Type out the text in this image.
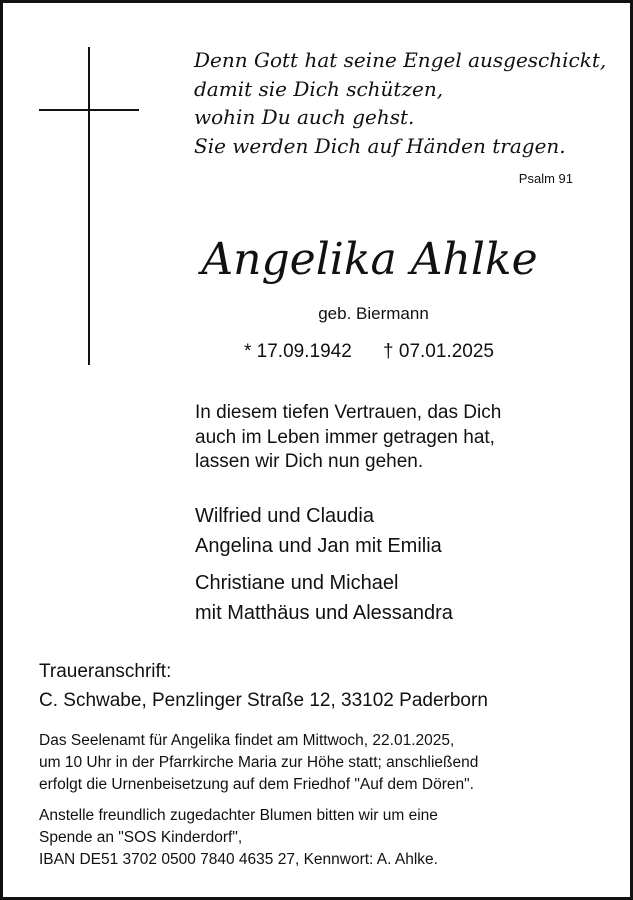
Denn Gott hat seine Engel ausgeschickt,
damit sie Dich schützen,
wohin Du auch gehst.
Sie werden Dich auf Händen tragen.
Psalm 91
Angelika Ahlke
geb. Biermann
* 17.09.1942 † 07.01.2025
In diesem tiefen Vertrauen, das Dich
auch im Leben immer getragen hat,
lassen wir Dich nun gehen.
Wilfried und Claudia
Angelina und Jan mit Emilia
Christiane und Michael
mit Matthäus und Alessandra
Traueranschrift:
C. Schwabe, Penzlinger Straße 12, 33102 Paderborn
Das Seelenamt für Angelika findet am Mittwoch, 22.01.2025,
um 10 Uhr in der Pfarrkirche Maria zur Höhe statt; anschließend
erfolgt die Urnenbeisetzung auf dem Friedhof "Auf dem Dören".
Anstelle freundlich zugedachter Blumen bitten wir um eine
Spende an "SOS Kinderdorf",
IBAN DE51 3702 0500 7840 4635 27, Kennwort: A. Ahlke.
